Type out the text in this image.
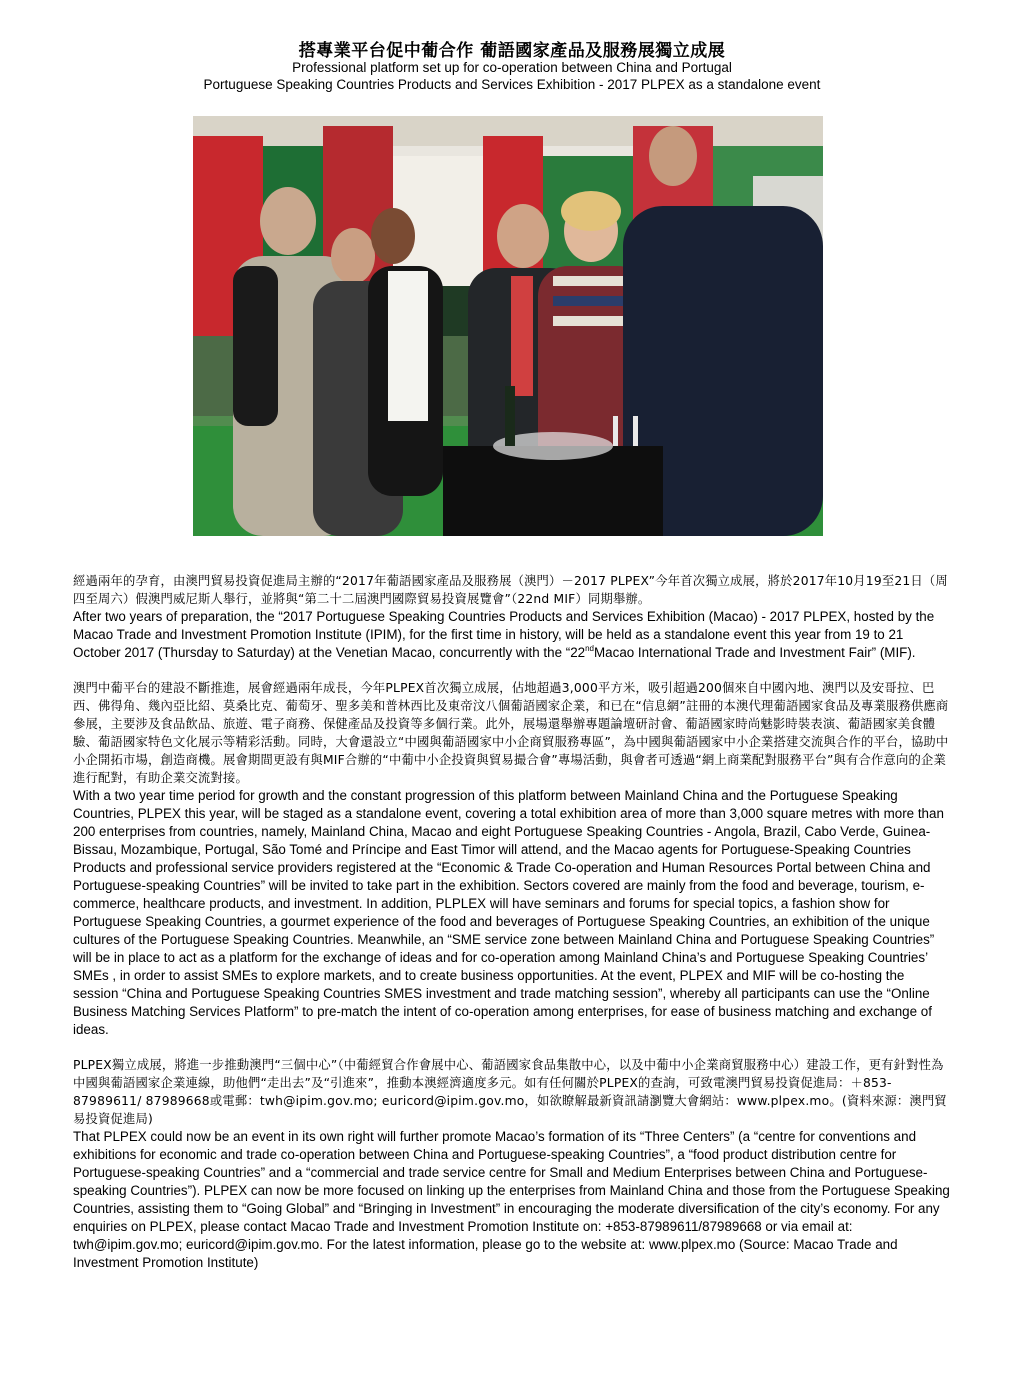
搭專業平台促中葡合作 葡語國家產品及服務展獨立成展
Professional platform set up for co-operation between China and Portugal
Portuguese Speaking Countries Products and Services Exhibition - 2017 PLPEX as a standalone event

經過兩年的孕育，由澳門貿易投資促進局主辦的“2017年葡語國家產品及服務展（澳門）－2017 PLPEX”今年首次獨立成展，將於2017年10月19至21日（周四至周六）假澳門威尼斯人舉行，並將與“第二十二屆澳門國際貿易投資展覽會”（22nd MIF）同期舉辦。

After two years of preparation, the “2017 Portuguese Speaking Countries Products and Services Exhibition (Macao) - 2017 PLPEX, hosted by the Macao Trade and Investment Promotion Institute (IPIM), for the first time in history, will be held as a standalone event this year from 19 to 21 October 2017 (Thursday to Saturday) at the Venetian Macao, concurrently with the “22ndMacao International Trade and Investment Fair” (MIF).

澳門中葡平台的建設不斷推進，展會經過兩年成長，今年PLPEX首次獨立成展，佔地超過3,000平方米，吸引超過200個來自中國內地、澳門以及安哥拉、巴西、佛得角、幾內亞比紹、莫桑比克、葡萄牙、聖多美和普林西比及東帝汶八個葡語國家企業，和已在“信息網”註冊的本澳代理葡語國家食品及專業服務供應商參展，主要涉及食品飲品、旅遊、電子商務、保健產品及投資等多個行業。此外，展場還舉辦專題論壇研討會、葡語國家時尚魅影時裝表演、葡語國家美食體驗、葡語國家特色文化展示等精彩活動。同時，大會還設立“中國與葡語國家中小企商貿服務專區”，為中國與葡語國家中小企業搭建交流與合作的平台，協助中小企開拓市場，創造商機。展會期間更設有與MIF合辦的“中葡中小企投資與貿易撮合會”專場活動，與會者可透過“網上商業配對服務平台”與有合作意向的企業進行配對，有助企業交流對接。

With a two year time period for growth and the constant progression of this platform between Mainland China and the Portuguese Speaking Countries, PLPEX this year, will be staged as a standalone event, covering a total exhibition area of more than 3,000 square metres with more than 200 enterprises from countries, namely, Mainland China, Macao and eight Portuguese Speaking Countries - Angola, Brazil, Cabo Verde, Guinea-Bissau, Mozambique, Portugal, São Tomé and Príncipe and East Timor will attend, and the Macao agents for Portuguese-Speaking Countries Products and professional service providers registered at the “Economic & Trade Co-operation and Human Resources Portal between China and Portuguese-speaking Countries” will be invited to take part in the exhibition. Sectors covered are mainly from the food and beverage, tourism, e-commerce, healthcare products, and investment. In addition, PLPLEX will have seminars and forums for special topics, a fashion show for Portuguese Speaking Countries, a gourmet experience of the food and beverages of Portuguese Speaking Countries, an exhibition of the unique cultures of the Portuguese Speaking Countries. Meanwhile, an “SME service zone between Mainland China and Portuguese Speaking Countries” will be in place to act as a platform for the exchange of ideas and for co-operation among Mainland China’s and Portuguese Speaking Countries’ SMEs , in order to assist SMEs to explore markets, and to create business opportunities. At the event, PLPEX and MIF will be co-hosting the session “China and Portuguese Speaking Countries SMES investment and trade matching session”, whereby all participants can use the “Online Business Matching Services Platform” to pre-match the intent of co-operation among enterprises, for ease of business matching and exchange of ideas.

PLPEX獨立成展，將進一步推動澳門“三個中心”（中葡經貿合作會展中心、葡語國家食品集散中心，以及中葡中小企業商貿服務中心）建設工作，更有針對性為中國與葡語國家企業連線，助他們“走出去”及“引進來”，推動本澳經濟適度多元。如有任何關於PLPEX的查詢，可致電澳門貿易投資促進局：＋853-87989611/ 87989668或電郵：twh@ipim.gov.mo; euricord@ipim.gov.mo，如欲瞭解最新資訊請瀏覽大會網站：www.plpex.mo。(資料來源：澳門貿易投資促進局)

That PLPEX could now be an event in its own right will further promote Macao’s formation of its “Three Centers” (a “centre for conventions and exhibitions for economic and trade co-operation between China and Portuguese-speaking Countries”, a “food product distribution centre for Portuguese-speaking Countries” and a “commercial and trade service centre for Small and Medium Enterprises between China and Portuguese-speaking Countries”). PLPEX can now be more focused on linking up the enterprises from Mainland China and those from the Portuguese Speaking Countries, assisting them to “Going Global” and “Bringing in Investment” in encouraging the moderate diversification of the city’s economy. For any enquiries on PLPEX, please contact Macao Trade and Investment Promotion Institute on: +853-87989611/87989668 or via email at: twh@ipim.gov.mo; euricord@ipim.gov.mo. For the latest information, please go to the website at: www.plpex.mo (Source: Macao Trade and Investment Promotion Institute)
